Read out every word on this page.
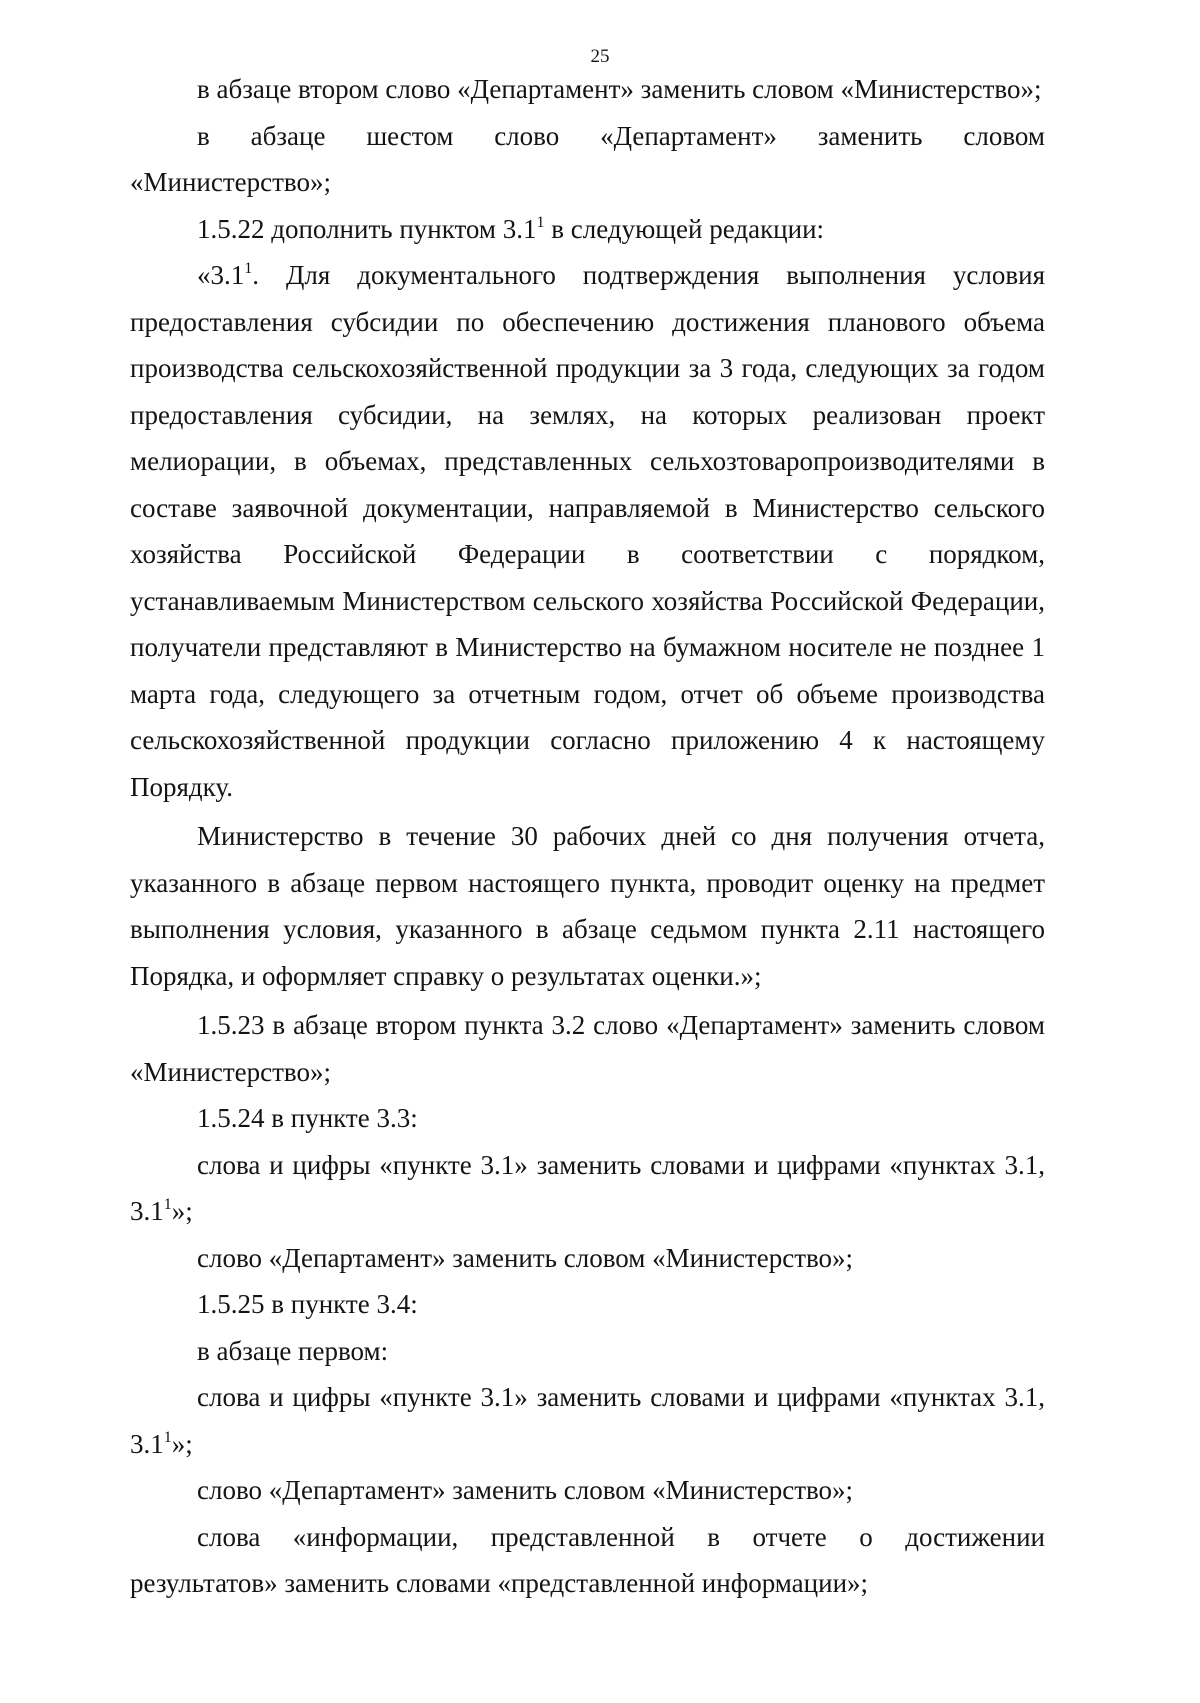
25

в абзаце втором слово «Департамент» заменить словом «Министерство»;

в абзаце шестом слово «Департамент» заменить словом «Министерство»;

1.5.22 дополнить пунктом $3.1^1$ в следующей редакции:

«$3.1^1$. Для документального подтверждения выполнения условия предоставления субсидии по обеспечению достижения планового объема производства сельскохозяйственной продукции за 3 года, следующих за годом предоставления субсидии, на землях, на которых реализован проект мелиорации, в объемах, представленных сельхозтоваропроизводителями в составе заявочной документации, направляемой в Министерство сельского хозяйства Российской Федерации в соответствии с порядком, устанавливаемым Министерством сельского хозяйства Российской Федерации, получатели представляют в Министерство на бумажном носителе не позднее 1 марта года, следующего за отчетным годом, отчет об объеме производства сельскохозяйственной продукции согласно приложению 4 к настоящему Порядку.

Министерство в течение 30 рабочих дней со дня получения отчета, указанного в абзаце первом настоящего пункта, проводит оценку на предмет выполнения условия, указанного в абзаце седьмом пункта 2.11 настоящего Порядка, и оформляет справку о результатах оценки.»;

1.5.23 в абзаце втором пункта 3.2 слово «Департамент» заменить словом «Министерство»;

1.5.24 в пункте 3.3:

слова и цифры «пункте 3.1» заменить словами и цифрами «пунктах 3.1, $3.1^1$»;

слово «Департамент» заменить словом «Министерство»;

1.5.25 в пункте 3.4:

в абзаце первом:

слова и цифры «пункте 3.1» заменить словами и цифрами «пунктах 3.1, $3.1^1$»;

слово «Департамент» заменить словом «Министерство»;

слова «информации, представленной в отчете о достижении результатов» заменить словами «представленной информации»;
